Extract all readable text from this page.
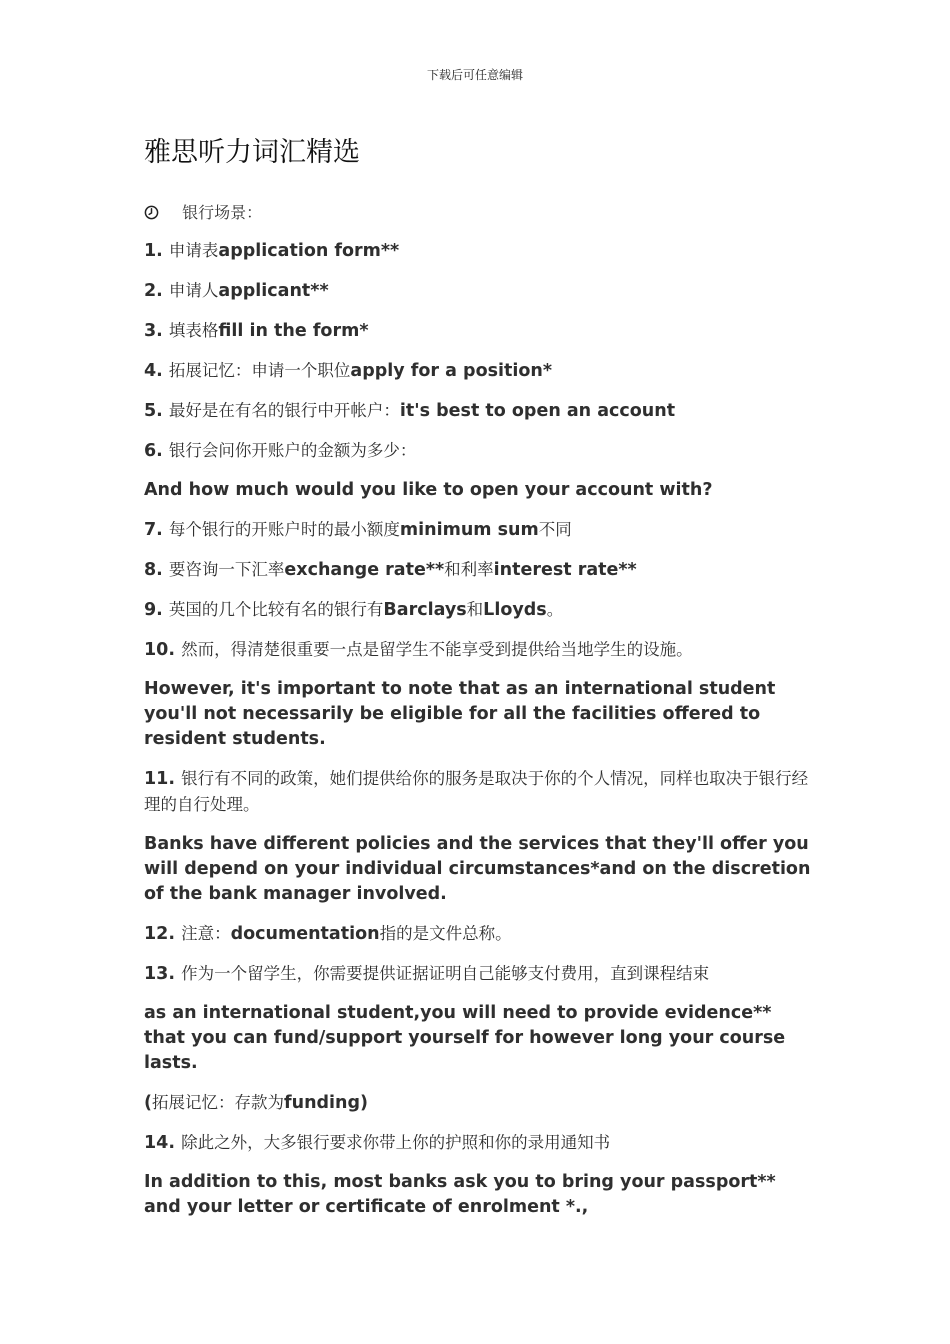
下载后可任意编辑
雅思听力词汇精选
银行场景：

1. 申请表application form**

2. 申请人applicant**

3. 填表格fill in the form*

4. 拓展记忆：申请一个职位apply for a position*

5. 最好是在有名的银行中开帐户：it's best to open an account

6. 银行会问你开账户的金额为多少：

And how much would you like to open your account with?

7. 每个银行的开账户时的最小额度minimum sum不同

8. 要咨询一下汇率exchange rate**和利率interest rate**

9. 英国的几个比较有名的银行有Barclays和Lloyds。

10. 然而，得清楚很重要一点是留学生不能享受到提供给当地学生的设施。

However, it's important to note that as an international student you'll not necessarily be eligible for all the facilities offered to resident students.

11. 银行有不同的政策，她们提供给你的服务是取决于你的个人情况，同样也取决于银行经理的自行处理。

Banks have different policies and the services that they'll offer you will depend on your individual circumstances*and on the discretion of the bank manager involved.

12. 注意：documentation指的是文件总称。

13. 作为一个留学生，你需要提供证据证明自己能够支付费用，直到课程结束

as an international student,you will need to provide evidence** that you can fund/support yourself for however long your course lasts.

(拓展记忆：存款为funding)

14. 除此之外，大多银行要求你带上你的护照和你的录用通知书

In addition to this, most banks ask you to bring your passport** and your letter or certificate of enrolment *.,
